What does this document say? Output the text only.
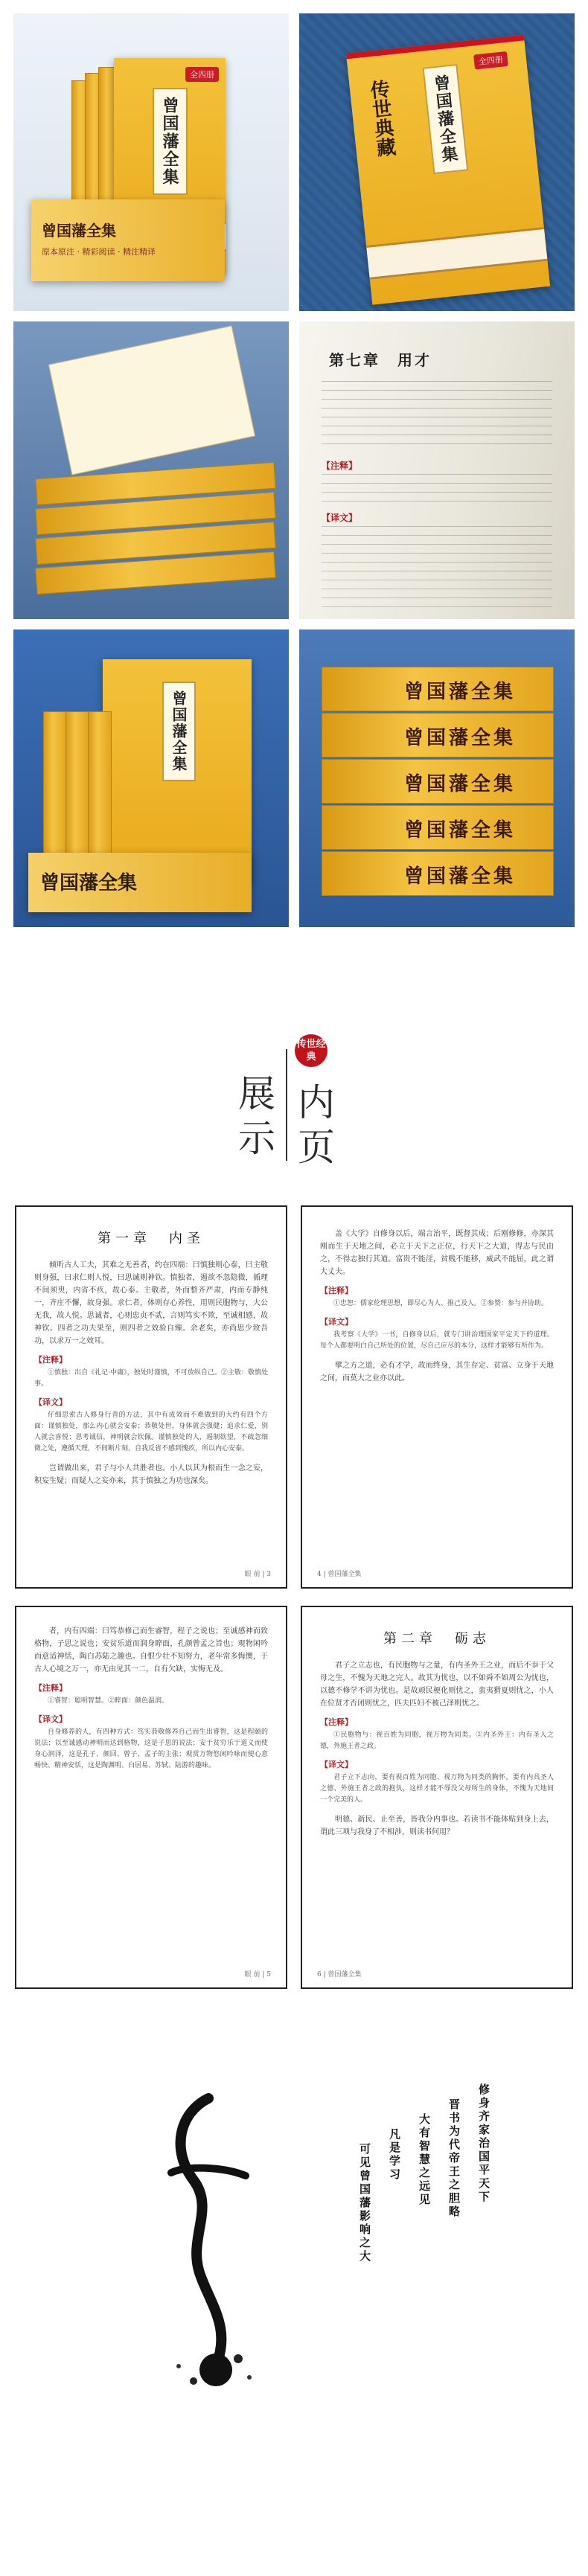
全四册
曾国藩全集
曾国藩全集
原本原注 · 精彩阅读 · 精注精译
曾国藩全集
传世典藏
全四册
第七章　用才
【注释】
【译文】
曾国藩全集
曾国藩全集
曾国藩全集
曾国藩全集
曾国藩全集
曾国藩全集
曾国藩全集
展
示
传世经典
内
页
第一章　内圣

倾听古人工夫，其难之无善者，约在四端：曰慎独则心泰，曰主敬则身强，曰求仁则人悦，曰思诚则神钦。慎独者，遏欲不忽隐微，循理不间须臾，内省不疚，故心泰。主敬者，外而整齐严肃，内而专静纯一，齐庄不懈，故身强。求仁者，体则存心养性，用则民胞物与，大公无我，故人悦。思诚者，心则忠贞不贰，言则笃实不欺，至诚相感，故神钦。四者之功夫果至，则四者之效验自臻。余老矣，亦尚思少致吾功，以求万一之效耳。

【注释】

①慎独：出自《礼记·中庸》，独处时谨慎，不可放纵自己。②主敬：敬慎处事。

【译文】

仔细思索古人修身行善的方法，其中有成效而不难做到的大约有四个方面：谨慎独处，那么内心就会安泰；恭敬处世，身体就会强健；追求仁爱，别人就会喜悦；思考诚信，神明就会钦佩。谨慎独处的人，遏制欲望，不疏忽细微之处，遵循天理，不间断片刻，自我反省不感到愧疚，所以内心安泰。

岂谓做出来，君子与小人共胜者也。小人以其为根而生一念之妄，积妄生疑；而疑人之妄亦来，其于慎独之为功也深矣。

眼 前 | 3

盖《大学》自修身以后，端言治平，既督其成；后刚修修，亦深其刚而生于天地之间，必立于天下之正位，行天下之大道，得志与民由之，不得志独行其道。富贵不能淫，贫贱不能移，威武不能屈，此之谓大丈夫。

【注释】

①忠恕：儒家伦理思想，即尽心为人、推己及人。②参赞：参与并协助。

【译文】

我考察《大学》一书，自修身以后，就专门讲治理国家平定天下的道理。每个人都要明白自己所处的位置，尽自己应尽的本分，这样才能够有所作为。

擘之方之道，必有才学，故而终身，其生存定、贫富、立身于天地之间，而莫大之业亦以此。

4 | 曾国藩全集

者，内有四端：曰笃恭修己而生睿智，程子之说也；至诚感神而致格物，子思之说也；安贫乐道而润身睟面，孔颜曾孟之旨也；观物闲吟而意适神恬，陶白苏陆之趣也。自恨少壮不知努力，老年常多悔懊，于古人心境之万一，亦无由见其一二，自有欠缺，实悔无及。

【注释】

①睿智：聪明智慧。②睟面：颜色温润。

【译文】

自身修养的人，有四种方式：笃实恭敬修养自己而生出睿智，这是程颐的说法；以至诚感动神明而达到格物，这是子思的说法；安于贫穷乐于道义而使身心润泽，这是孔子、颜回、曾子、孟子的主张；观赏万物悠闲吟咏而使心意畅快、精神安恬，这是陶渊明、白居易、苏轼、陆游的趣味。

眼 前 | 5
第二章　砺志

君子之立志也，有民胞物与之量，有内圣外王之业，而后不忝于父母之生，不愧为天地之完人。故其为忧也，以不如舜不如周公为忧也，以德不修学不讲为忧也。是故顽民梗化则忧之，蛮夷猾夏则忧之，小人在位贤才否闭则忧之，匹夫匹妇不被己泽则忧之。

【注释】

①民胞物与：视百姓为同胞，视万物为同类。②内圣外王：内有圣人之德，外施王者之政。

【译文】

君子立下志向，要有视百姓为同胞、视万物为同类的胸怀，要有内具圣人之德、外施王者之政的抱负，这样才能不辱没父母所生的身体，不愧为天地间一个完美的人。

明德、新民、止至善，皆我分内事也。若读书不能体贴到身上去，谓此三项与我身了不相涉，则读书何用？

6 | 曾国藩全集
修身齐家治国平天下
晋书为代帝王之胆略
大有智慧之远见
凡是学习
可见曾国藩影响之大
